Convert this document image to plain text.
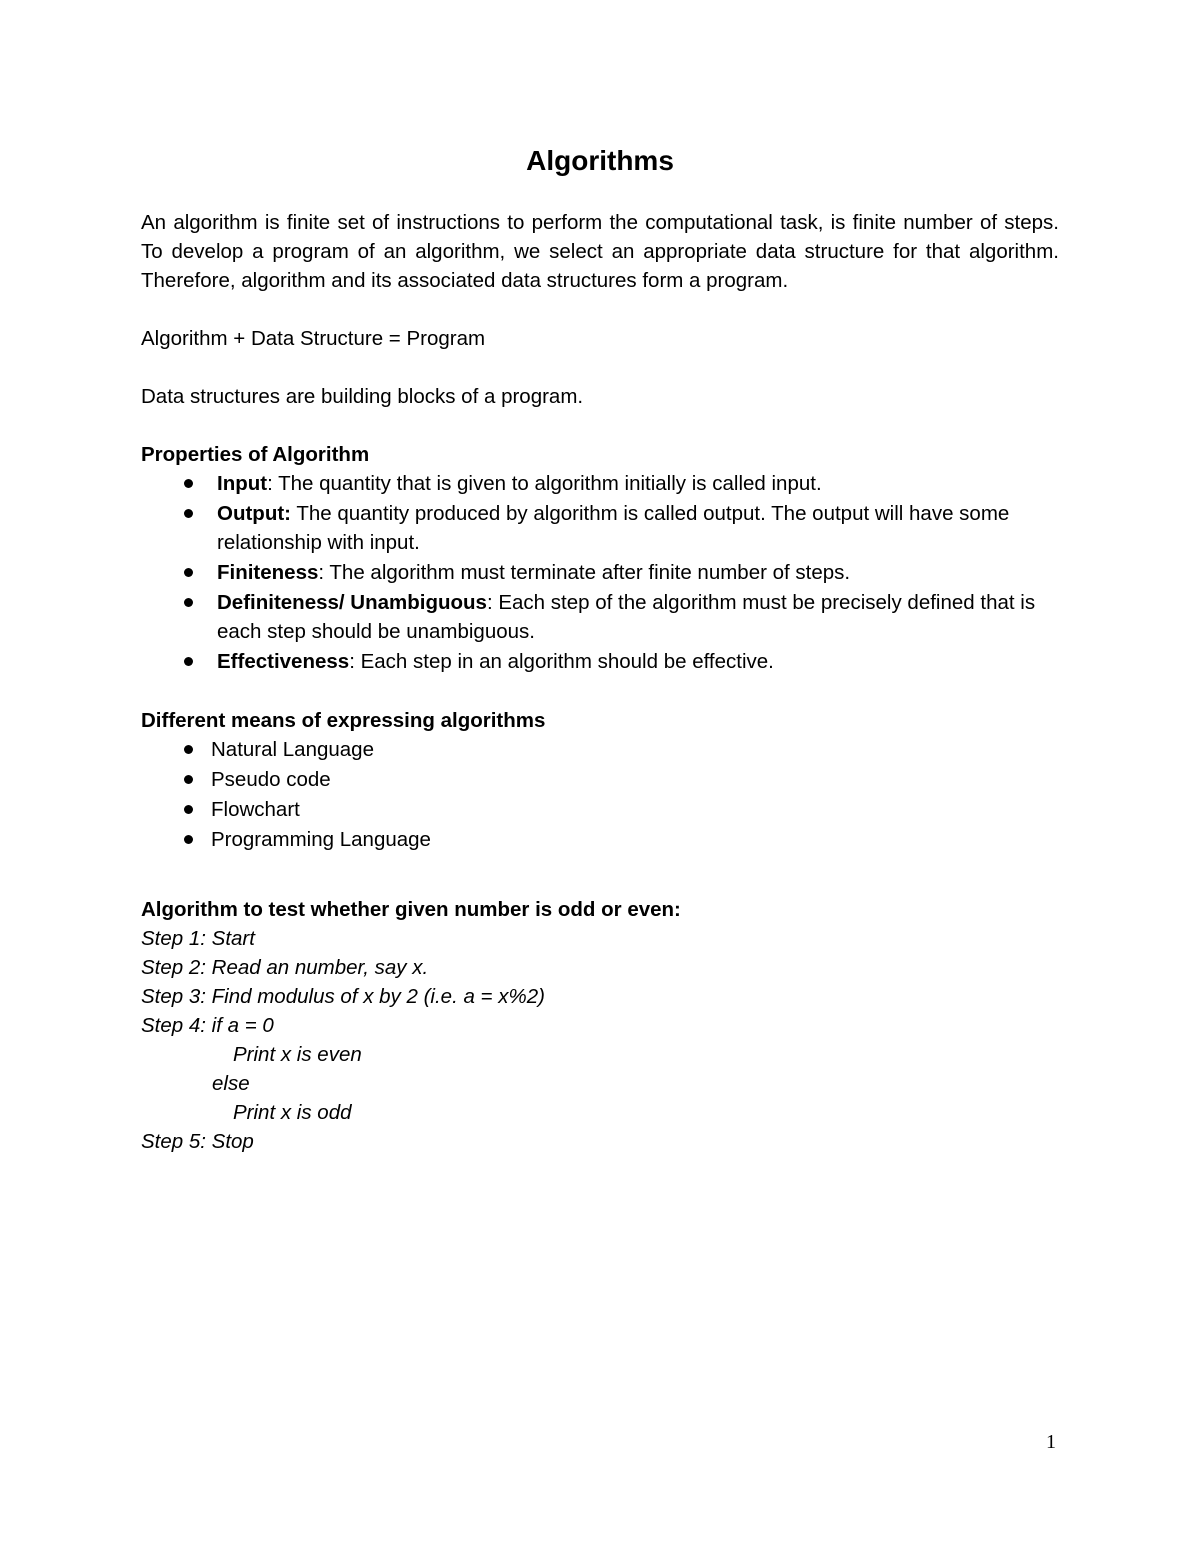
Algorithms

An algorithm is finite set of instructions to perform the computational task, is finite number of steps. To develop a program of an algorithm, we select an appropriate data structure for that algorithm. Therefore, algorithm and its associated data structures form a program.

Algorithm + Data Structure = Program

Data structures are building blocks of a program.

Properties of Algorithm

Input: The quantity that is given to algorithm initially is called input.
Output: The quantity produced by algorithm is called output. The output will have some relationship with input.
Finiteness: The algorithm must terminate after finite number of steps.
Definiteness/ Unambiguous: Each step of the algorithm must be precisely defined that is each step should be unambiguous.
Effectiveness: Each step in an algorithm should be effective.

Different means of expressing algorithms

Natural Language
Pseudo code
Flowchart
Programming Language

Algorithm to test whether given number is odd or even:

Step 1: Start

Step 2: Read an number, say x.

Step 3: Find modulus of x by 2 (i.e. a = x%2)

Step 4: if a = 0

Print x is even

else

Print x is odd

Step 5: Stop

1
